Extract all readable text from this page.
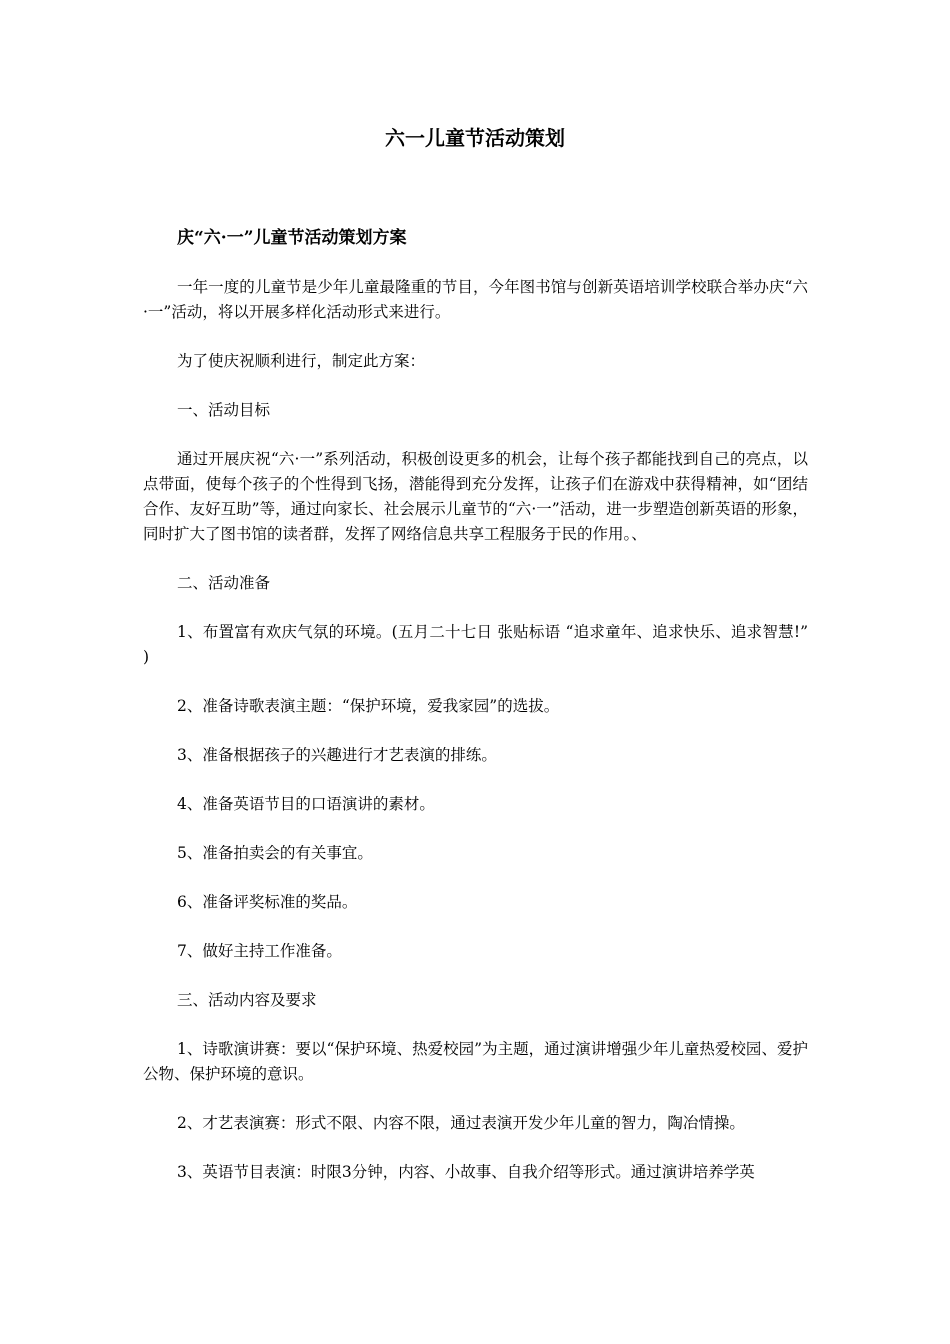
六一儿童节活动策划

庆“六·一”儿童节活动策划方案

一年一度的儿童节是少年儿童最隆重的节目，今年图书馆与创新英语培训学校联合举办庆“六·一”活动，将以开展多样化活动形式来进行。

为了使庆祝顺利进行，制定此方案：

一、活动目标

通过开展庆祝“六·一”系列活动，积极创设更多的机会，让每个孩子都能找到自己的亮点，以点带面，使每个孩子的个性得到飞扬，潜能得到充分发挥，让孩子们在游戏中获得精神，如“团结合作、友好互助”等，通过向家长、社会展示儿童节的“六·一”活动，进一步塑造创新英语的形象，同时扩大了图书馆的读者群，发挥了网络信息共享工程服务于民的作用。、

二、活动准备

1、布置富有欢庆气氛的环境。(五月二十七日 张贴标语 “追求童年、追求快乐、追求智慧!” )

2、准备诗歌表演主题：“保护环境，爱我家园”的选拔。

3、准备根据孩子的兴趣进行才艺表演的排练。

4、准备英语节目的口语演讲的素材。

5、准备拍卖会的有关事宜。

6、准备评奖标准的奖品。

7、做好主持工作准备。

三、活动内容及要求

1、诗歌演讲赛：要以“保护环境、热爱校园”为主题，通过演讲增强少年儿童热爱校园、爱护公物、保护环境的意识。

2、才艺表演赛：形式不限、内容不限，通过表演开发少年儿童的智力，陶冶情操。

3、英语节目表演：时限3分钟，内容、小故事、自我介绍等形式。通过演讲培养学英
